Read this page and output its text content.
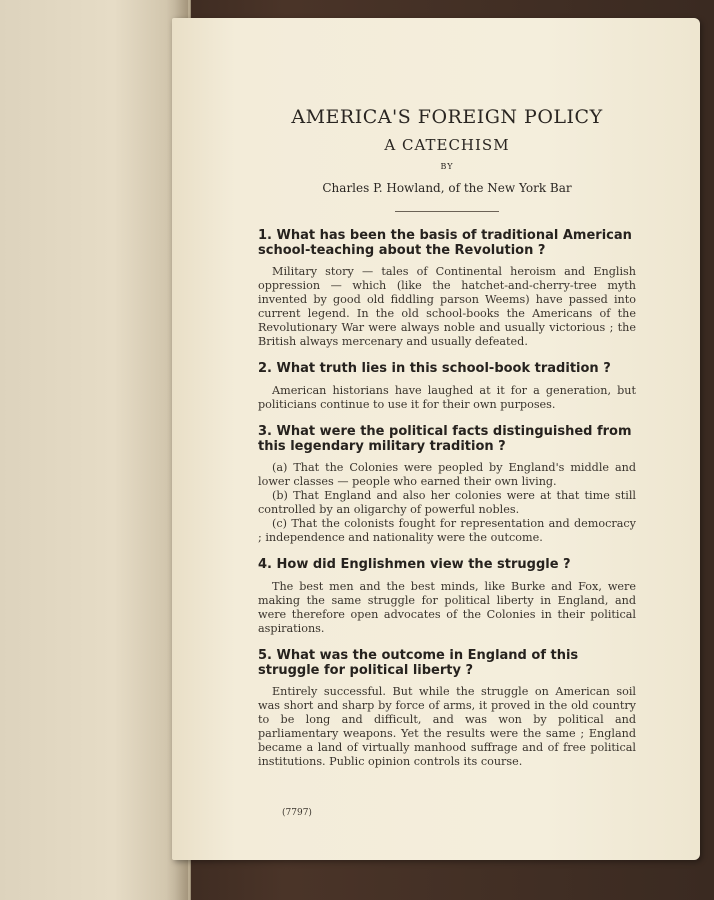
AMERICA'S FOREIGN POLICY
A CATECHISM
BY
Charles P. Howland, of the New York Bar
1. What has been the basis of traditional American school-teaching about the Revolution ?

Military story — tales of Continental heroism and English oppression — which (like the hatchet-and-cherry-tree myth invented by good old fiddling parson Weems) have passed into current legend. In the old school-books the Americans of the Revolutionary War were always noble and usually victorious ; the British always mercenary and usually defeated.

2. What truth lies in this school-book tradition ?

American historians have laughed at it for a generation, but politicians continue to use it for their own purposes.

3. What were the political facts distinguished from this legendary military tradition ?

(a) That the Colonies were peopled by England's middle and lower classes — people who earned their own living.

(b) That England and also her colonies were at that time still controlled by an oligarchy of powerful nobles.

(c) That the colonists fought for representation and democracy ; independence and nationality were the outcome.

4. How did Englishmen view the struggle ?

The best men and the best minds, like Burke and Fox, were making the same struggle for political liberty in England, and were therefore open advocates of the Colonies in their political aspirations.

5. What was the outcome in England of this struggle for political liberty ?

Entirely successful. But while the struggle on American soil was short and sharp by force of arms, it proved in the old country to be long and difficult, and was won by political and parliamentary weapons. Yet the results were the same ; England became a land of virtually manhood suffrage and of free political institutions. Public opinion controls its course.

(7797)
